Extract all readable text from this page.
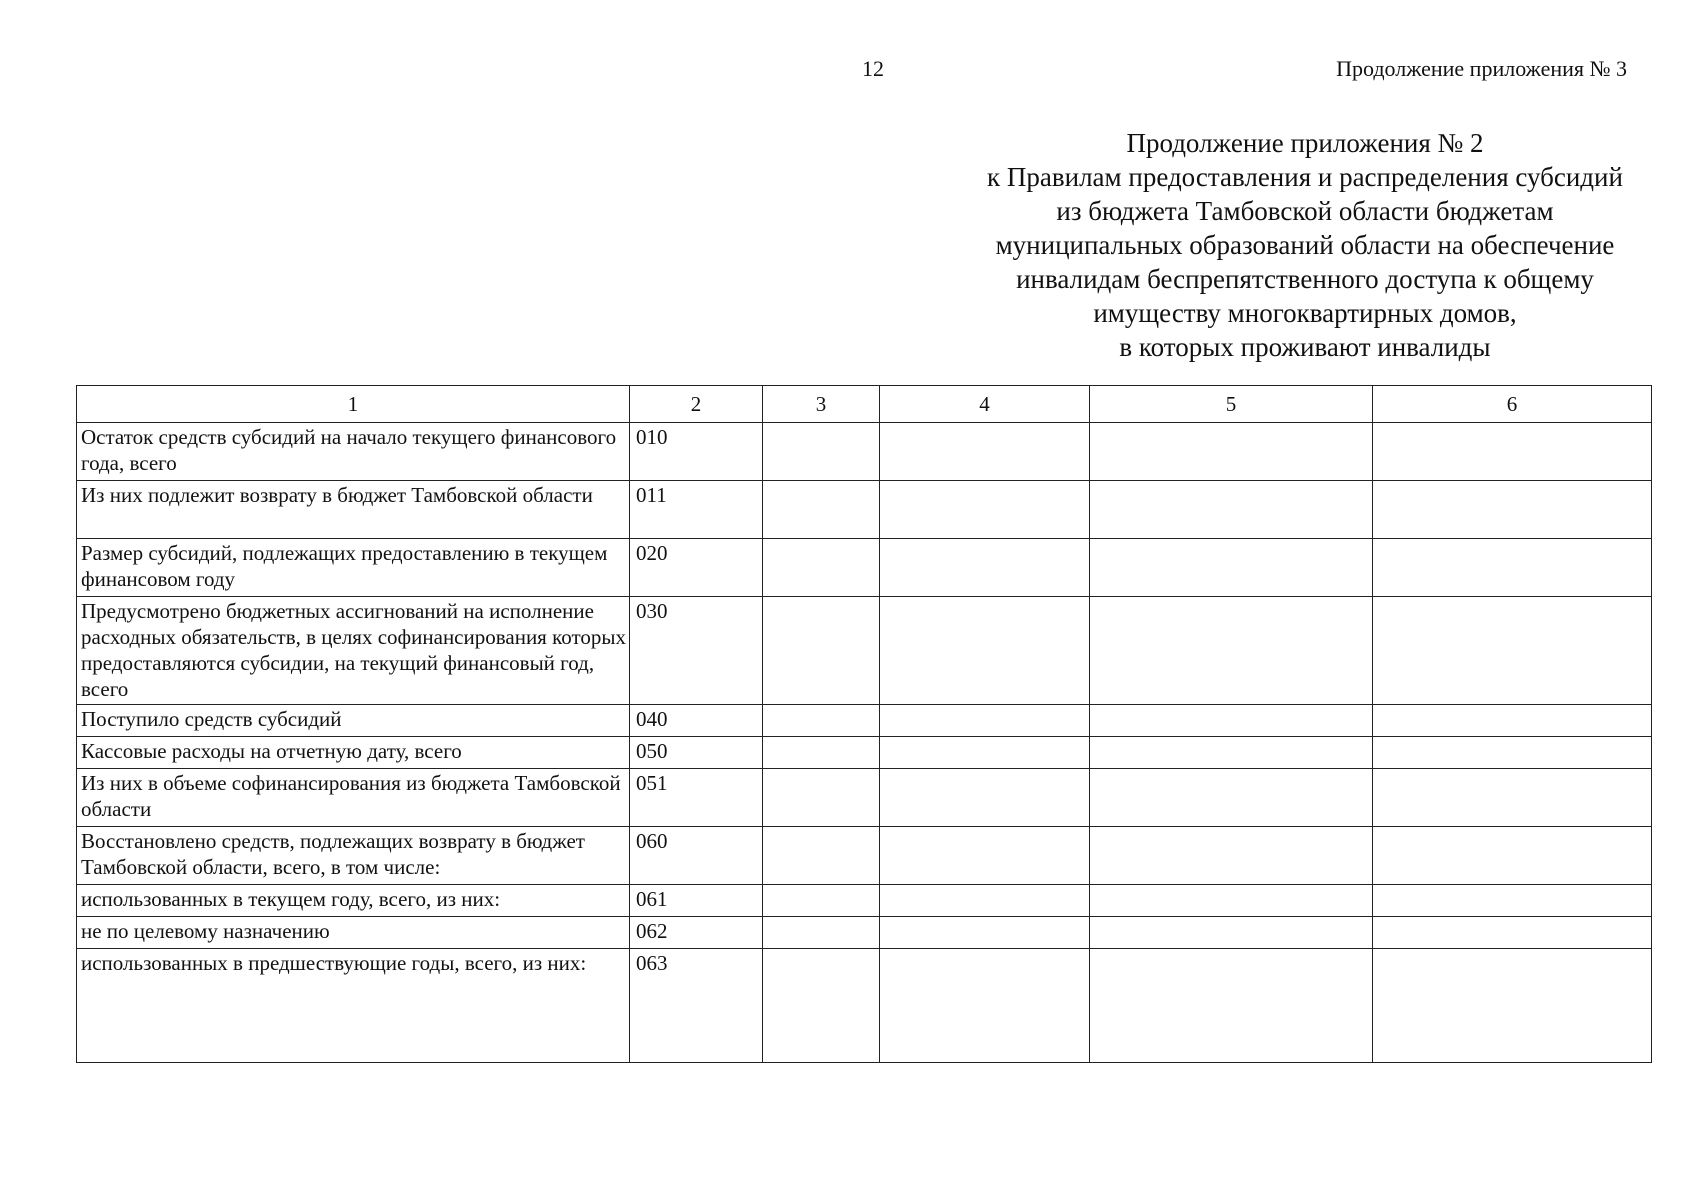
12	Продолжение приложения № 3
Продолжение приложения № 2
к Правилам предоставления и распределения субсидий
из бюджета Тамбовской области бюджетам
муниципальных образований области на обеспечение
инвалидам беспрепятственного доступа к общему
имуществу многоквартирных домов,
в которых проживают инвалиды
1	2	3	4	5	6
Остаток средств субсидий на начало текущего финансового года, всего	010				
Из них подлежит возврату в бюджет Тамбовской области	011				
Размер субсидий, подлежащих предоставлению в текущем финансовом году	020				
Предусмотрено бюджетных ассигнований на исполнение расходных обязательств, в целях софинансирования которых предоставляются субсидии, на текущий финансовый год, всего	030				
Поступило средств субсидий	040				
Кассовые расходы на отчетную дату, всего	050				
Из них в объеме софинансирования из бюджета Тамбовской области	051				
Восстановлено средств, подлежащих возврату в бюджет Тамбовской области, всего, в том числе:	060				
использованных в текущем году, всего, из них:	061				
не по целевому назначению	062				
использованных в предшествующие годы, всего, из них:	063				
